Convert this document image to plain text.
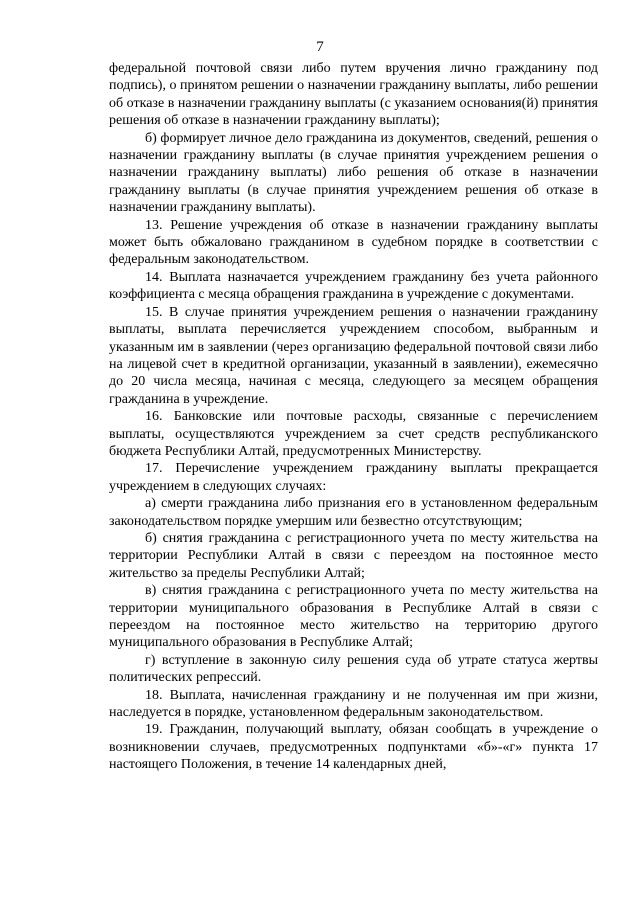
7

федеральной почтовой связи либо путем вручения лично гражданину под подпись), о принятом решении о назначении гражданину выплаты, либо решении об отказе в назначении гражданину выплаты (с указанием основания(й) принятия решения об отказе в назначении гражданину выплаты);

б) формирует личное дело гражданина из документов, сведений, решения о назначении гражданину выплаты (в случае принятия учреждением решения о назначении гражданину выплаты) либо решения об отказе в назначении гражданину выплаты (в случае принятия учреждением решения об отказе в назначении гражданину выплаты).

13. Решение учреждения об отказе в назначении гражданину выплаты может быть обжаловано гражданином в судебном порядке в соответствии с федеральным законодательством.

14. Выплата назначается учреждением гражданину без учета районного коэффициента с месяца обращения гражданина в учреждение с документами.

15. В случае принятия учреждением решения о назначении гражданину выплаты, выплата перечисляется учреждением способом, выбранным и указанным им в заявлении (через организацию федеральной почтовой связи либо на лицевой счет в кредитной организации, указанный в заявлении), ежемесячно до 20 числа месяца, начиная с месяца, следующего за месяцем обращения гражданина в учреждение.

16. Банковские или почтовые расходы, связанные с перечислением выплаты, осуществляются учреждением за счет средств республиканского бюджета Республики Алтай, предусмотренных Министерству.

17. Перечисление учреждением гражданину выплаты прекращается учреждением в следующих случаях:

а) смерти гражданина либо признания его в установленном федеральным законодательством порядке умершим или безвестно отсутствующим;

б) снятия гражданина с регистрационного учета по месту жительства на территории Республики Алтай в связи с переездом на постоянное место жительство за пределы Республики Алтай;

в) снятия гражданина с регистрационного учета по месту жительства на территории муниципального образования в Республике Алтай в связи с переездом на постоянное место жительство на территорию другого муниципального образования в Республике Алтай;

г) вступление в законную силу решения суда об утрате статуса жертвы политических репрессий.

18. Выплата, начисленная гражданину и не полученная им при жизни, наследуется в порядке, установленном федеральным законодательством.

19. Гражданин, получающий выплату, обязан сообщать в учреждение о возникновении случаев, предусмотренных подпунктами «б»-«г» пункта 17 настоящего Положения, в течение 14 календарных дней,
